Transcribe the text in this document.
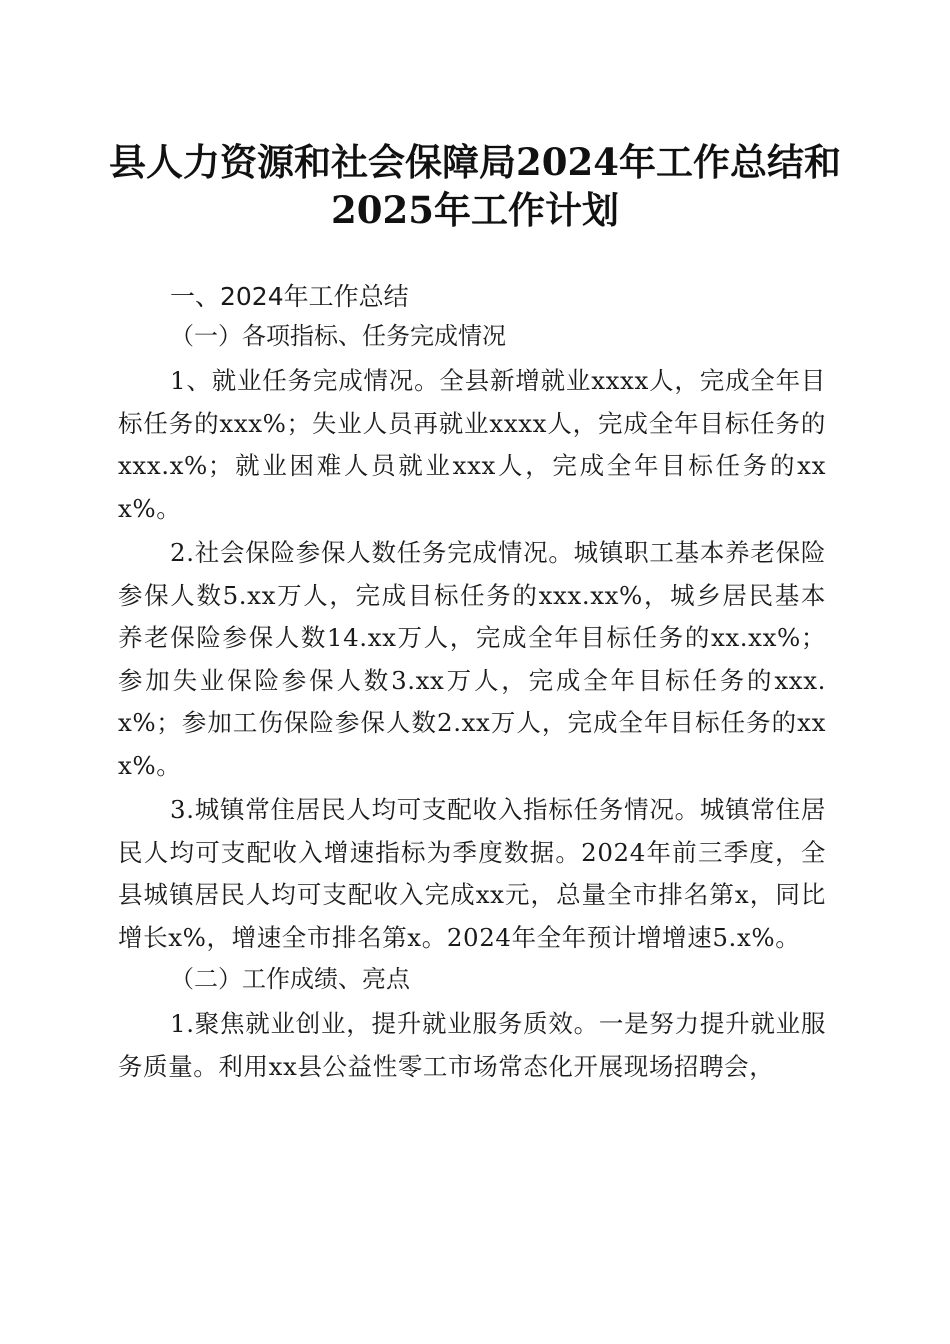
县人力资源和社会保障局2024年工作总结和
2025年工作计划
一、2024年工作总结
（一）各项指标、任务完成情况

1、就业任务完成情况。全县新增就业xxxx人，完成全年目标任务的xxx%；失业人员再就业xxxx人，完成全年目标任务的xxx.x%；就业困难人员就业xxx人，完成全年目标任务的xxx%。

2.社会保险参保人数任务完成情况。城镇职工基本养老保险参保人数5.xx万人，完成目标任务的xxx.xx%，城乡居民基本养老保险参保人数14.xx万人，完成全年目标任务的xx.xx%；参加失业保险参保人数3.xx万人，完成全年目标任务的xxx.x%；参加工伤保险参保人数2.xx万人，完成全年目标任务的xxx%。

3.城镇常住居民人均可支配收入指标任务情况。城镇常住居民人均可支配收入增速指标为季度数据。2024年前三季度，全县城镇居民人均可支配收入完成xx元，总量全市排名第x，同比增长x%，增速全市排名第x。2024年全年预计增增速5.x%。

（二）工作成绩、亮点

1.聚焦就业创业，提升就业服务质效。一是努力提升就业服务质量。利用xx县公益性零工市场常态化开展现场招聘会，
